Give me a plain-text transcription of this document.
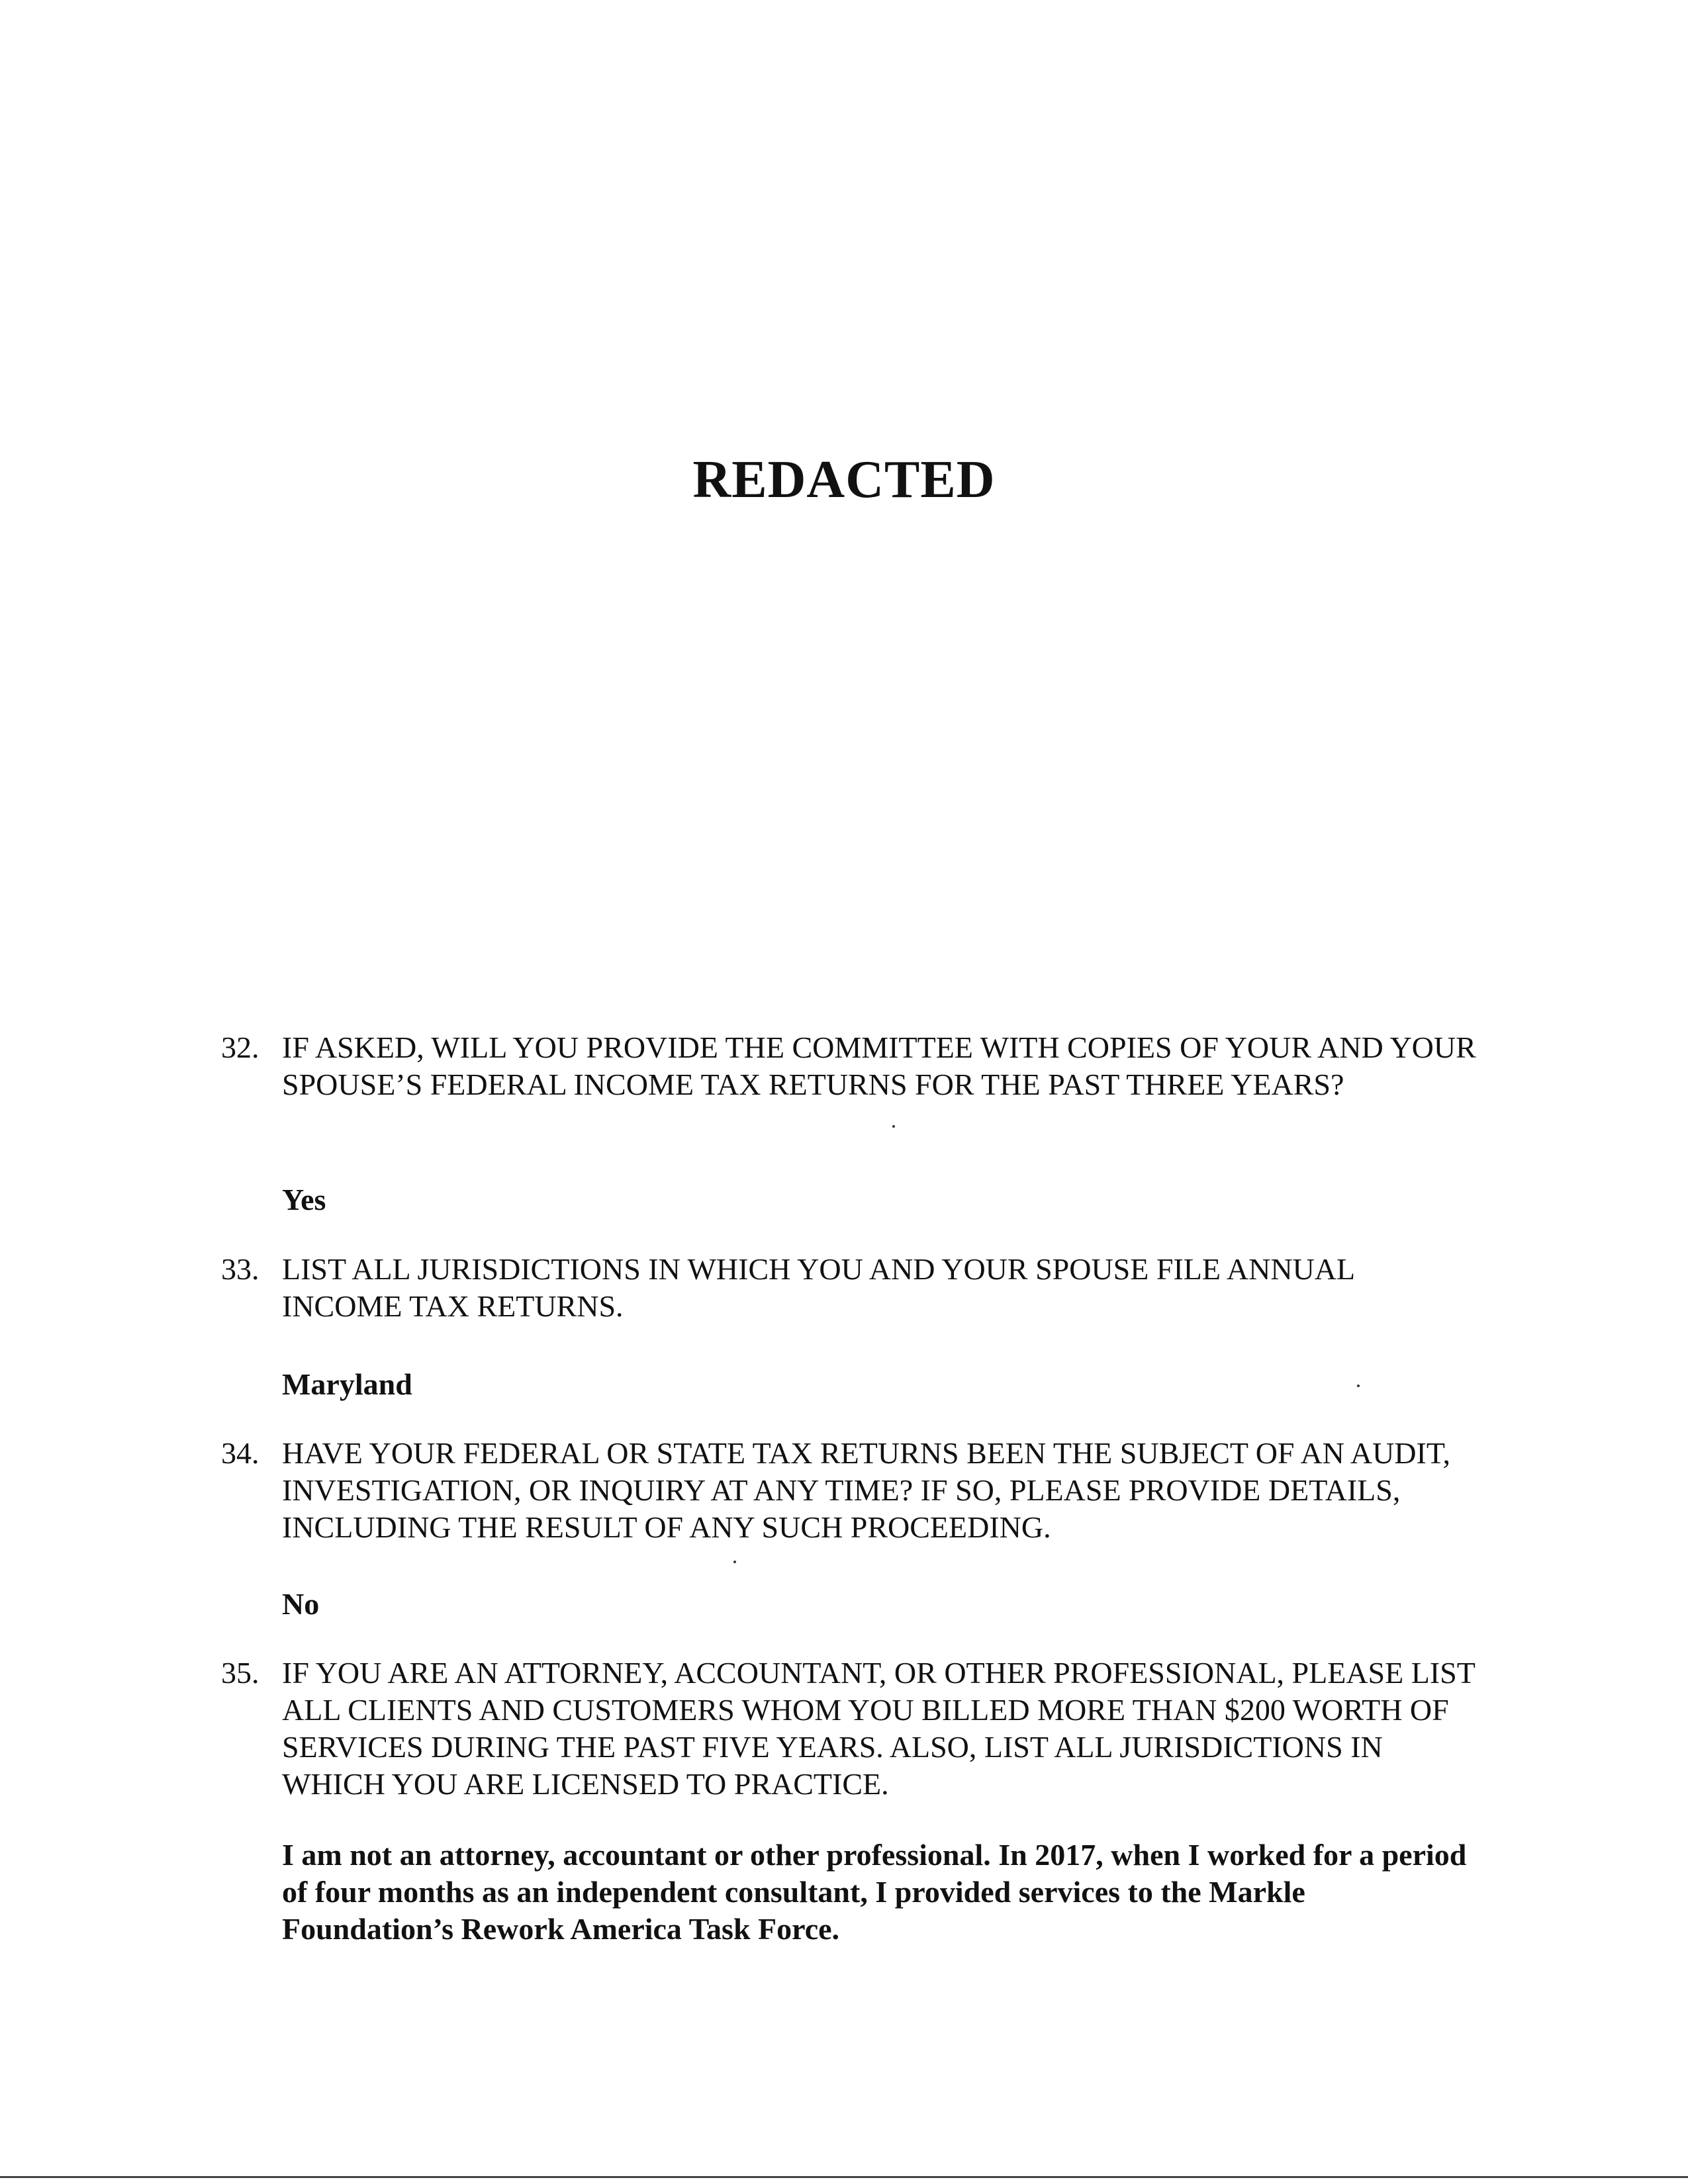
REDACTED
32. IF ASKED, WILL YOU PROVIDE THE COMMITTEE WITH COPIES OF YOUR AND YOUR SPOUSE’S FEDERAL INCOME TAX RETURNS FOR THE PAST THREE YEARS?
Yes
33. LIST ALL JURISDICTIONS IN WHICH YOU AND YOUR SPOUSE FILE ANNUAL INCOME TAX RETURNS.
Maryland
34. HAVE YOUR FEDERAL OR STATE TAX RETURNS BEEN THE SUBJECT OF AN AUDIT, INVESTIGATION, OR INQUIRY AT ANY TIME? IF SO, PLEASE PROVIDE DETAILS, INCLUDING THE RESULT OF ANY SUCH PROCEEDING.
No
35. IF YOU ARE AN ATTORNEY, ACCOUNTANT, OR OTHER PROFESSIONAL, PLEASE LIST ALL CLIENTS AND CUSTOMERS WHOM YOU BILLED MORE THAN $200 WORTH OF SERVICES DURING THE PAST FIVE YEARS. ALSO, LIST ALL JURISDICTIONS IN WHICH YOU ARE LICENSED TO PRACTICE.
I am not an attorney, accountant or other professional. In 2017, when I worked for a period of four months as an independent consultant, I provided services to the Markle Foundation’s Rework America Task Force.
